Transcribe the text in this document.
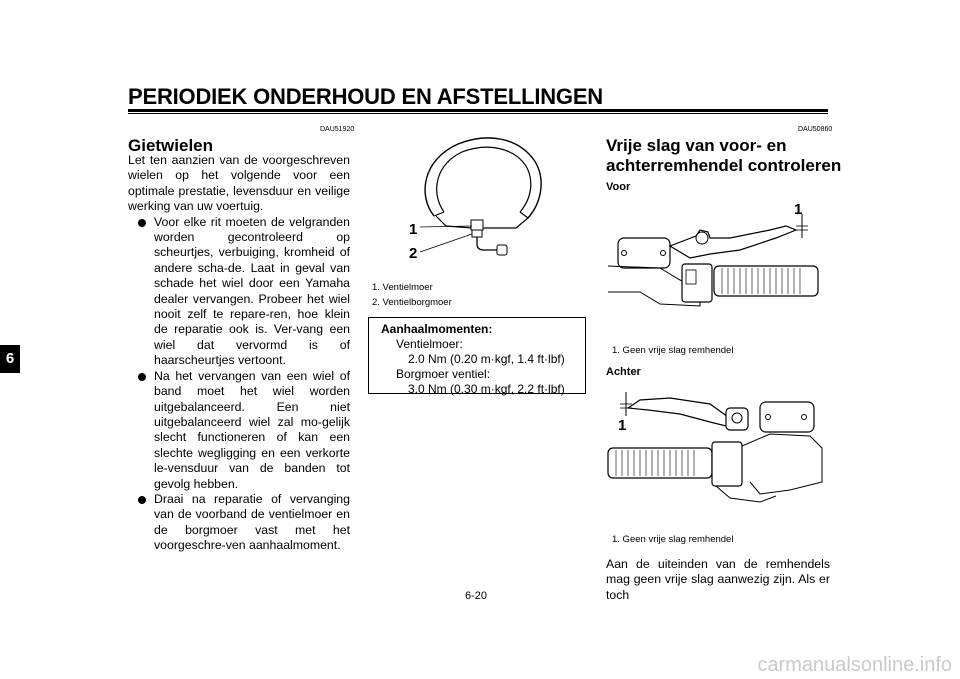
PERIODIEK ONDERHOUD EN AFSTELLINGEN
6
DAU51920
Gietwielen

Let ten aanzien van de voorgeschreven wielen op het volgende voor een optimale prestatie, levensduur en veilige werking van uw voertuig.

Voor elke rit moeten de velgranden worden gecontroleerd op scheurtjes, verbuiging, kromheid of andere scha-de. Laat in geval van schade het wiel door een Yamaha dealer vervangen. Probeer het wiel nooit zelf te repare-ren, hoe klein de reparatie ook is. Ver-vang een wiel dat vervormd is of haarscheurtjes vertoont.
Na het vervangen van een wiel of band moet het wiel worden uitgebalanceerd. Een niet uitgebalanceerd wiel zal mo-gelijk slecht functioneren of kan een slechte wegligging en een verkorte le-vensduur van de banden tot gevolg hebben.
Draai na reparatie of vervanging van de voorband de ventielmoer en de borgmoer vast met het voorgeschre-ven aanhaalmoment.
1
2
1. Ventielmoer
2. Ventielborgmoer
Aanhaalmomenten:
Ventielmoer:
2.0 Nm (0.20 m·kgf, 1.4 ft·lbf)
Borgmoer ventiel:
3.0 Nm (0.30 m·kgf, 2.2 ft·lbf)
DAU50860
Vrije slag van voor- en
achterremhendel controleren
Voor
1
1. Geen vrije slag remhendel
Achter
1
1. Geen vrije slag remhendel
Aan de uiteinden van de remhendels mag geen vrije slag aanwezig zijn. Als er toch
6-20
carmanualsonline.info
